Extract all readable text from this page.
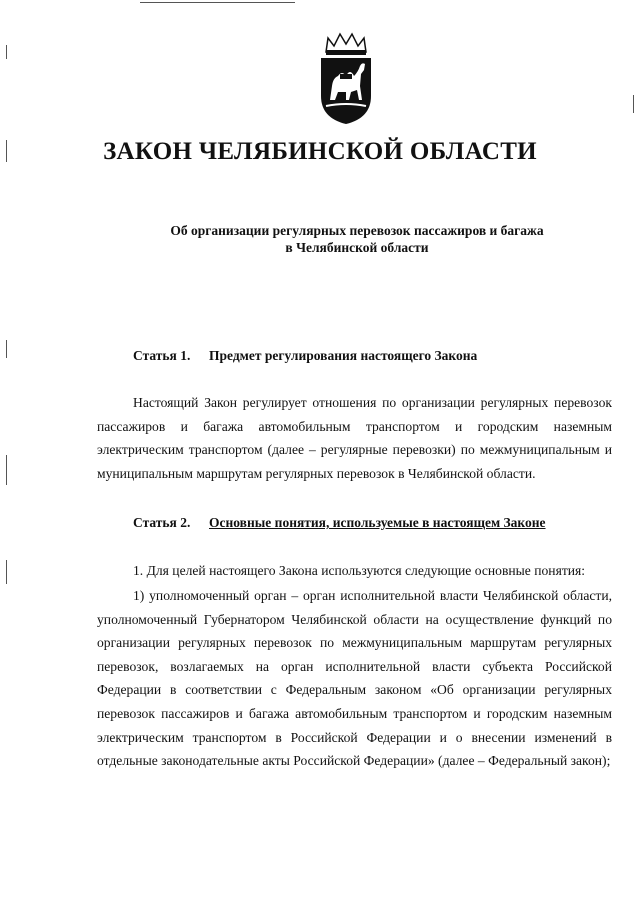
ЗАКОН ЧЕЛЯБИНСКОЙ ОБЛАСТИ
Об организации регулярных перевозок пассажиров и багажа
в Челябинской области
Статья 1. Предмет регулирования настоящего Закона
Настоящий Закон регулирует отношения по организации регулярных перевозок пассажиров и багажа автомобильным транспортом и городским наземным электрическим транспортом (далее – регулярные перевозки) по межмуниципальным и муниципальным маршрутам регулярных перевозок в Челябинской области.
Статья 2. Основные понятия, используемые в настоящем Законе
1. Для целей настоящего Закона используются следующие основные понятия:
1) уполномоченный орган – орган исполнительной власти Челябинской области, уполномоченный Губернатором Челябинской области на осуществление функций по организации регулярных перевозок по межмуниципальным маршрутам регулярных перевозок, возлагаемых на орган исполнительной власти субъекта Российской Федерации в соответствии с Федеральным законом «Об организации регулярных перевозок пассажиров и багажа автомобильным транспортом и городским наземным электрическим транспортом в Российской Федерации и о внесении изменений в отдельные законодательные акты Российской Федерации» (далее – Федеральный закон);
